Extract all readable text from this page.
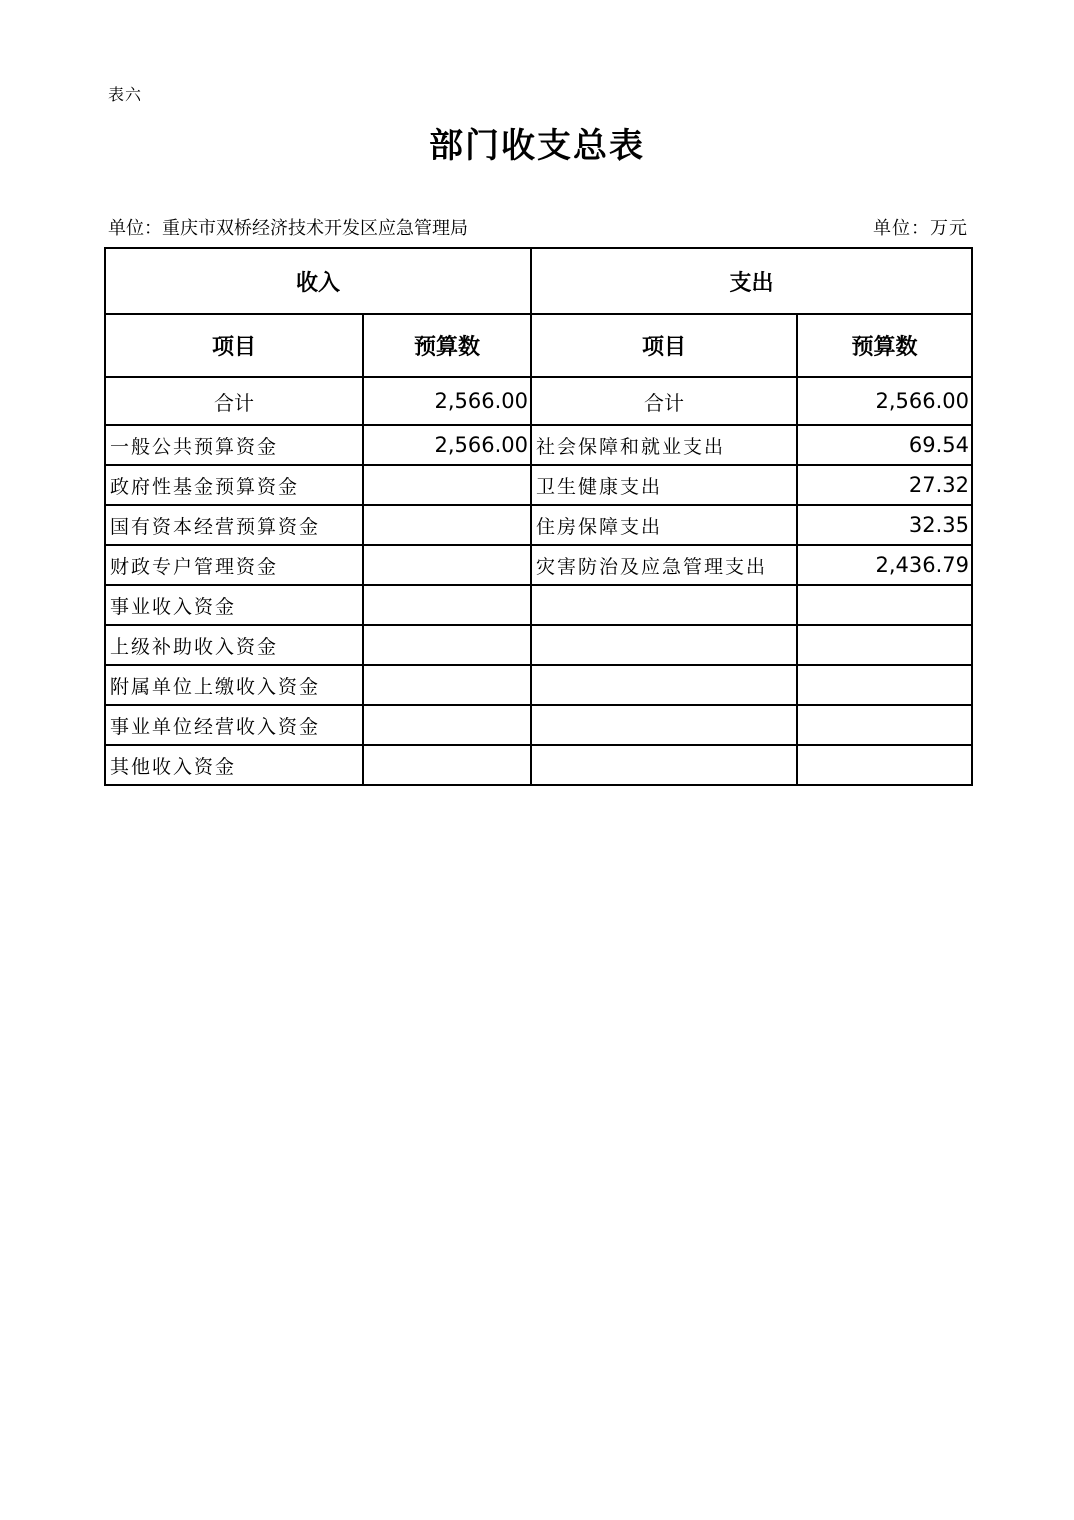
表六
部门收支总表
单位：重庆市双桥经济技术开发区应急管理局	单位：万元
收入		支出	
项目	预算数	项目	预算数
合计	2,566.00	合计	2,566.00
一般公共预算资金	2,566.00	社会保障和就业支出	69.54
政府性基金预算资金		卫生健康支出	27.32
国有资本经营预算资金		住房保障支出	32.35
财政专户管理资金		灾害防治及应急管理支出	2,436.79
事业收入资金			
上级补助收入资金			
附属单位上缴收入资金			
事业单位经营收入资金			
其他收入资金			
